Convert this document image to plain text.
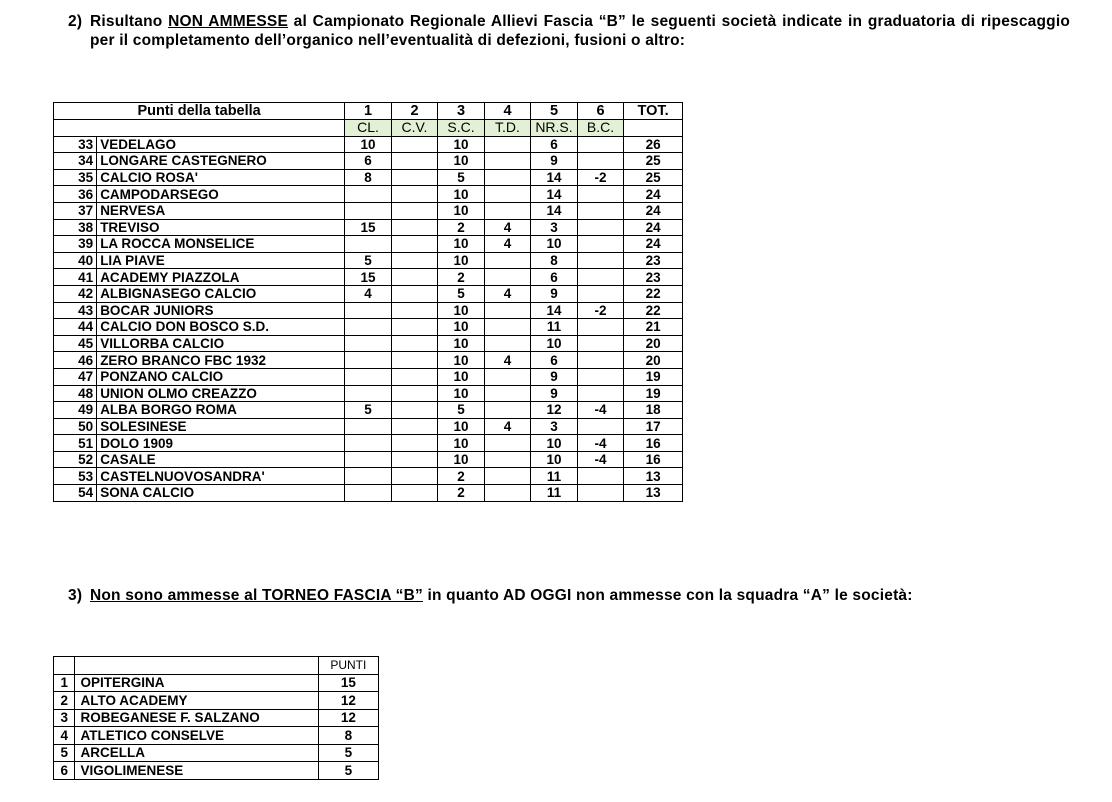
2) Risultano NON AMMESSE al Campionato Regionale Allievi Fascia “B” le seguenti società indicate in graduatoria di ripescaggio per il completamento dell’organico nell’eventualità di defezioni, fusioni o altro:
Punti della tabella		1	2	3	4	5	6	TOT.
		CL.	C.V.	S.C.	T.D.	NR.S.	B.C.	
33	VEDELAGO	10		10		6		26
34	LONGARE CASTEGNERO	6		10		9		25
35	CALCIO ROSA'	8		5		14	-2	25
36	CAMPODARSEGO			10		14		24
37	NERVESA			10		14		24
38	TREVISO	15		2	4	3		24
39	LA ROCCA MONSELICE			10	4	10		24
40	LIA PIAVE	5		10		8		23
41	ACADEMY PIAZZOLA	15		2		6		23
42	ALBIGNASEGO CALCIO	4		5	4	9		22
43	BOCAR JUNIORS			10		14	-2	22
44	CALCIO DON BOSCO S.D.			10		11		21
45	VILLORBA CALCIO			10		10		20
46	ZERO BRANCO FBC 1932			10	4	6		20
47	PONZANO CALCIO			10		9		19
48	UNION OLMO CREAZZO			10		9		19
49	ALBA BORGO ROMA	5		5		12	-4	18
50	SOLESINESE			10	4	3		17
51	DOLO 1909			10		10	-4	16
52	CASALE			10		10	-4	16
53	CASTELNUOVOSANDRA'			2		11		13
54	SONA CALCIO			2		11		13
3) Non sono ammesse al TORNEO FASCIA “B” in quanto AD OGGI non ammesse con la squadra “A” le società:
		PUNTI
1	OPITERGINA	15
2	ALTO ACADEMY	12
3	ROBEGANESE F. SALZANO	12
4	ATLETICO CONSELVE	8
5	ARCELLA	5
6	VIGOLIMENESE	5
